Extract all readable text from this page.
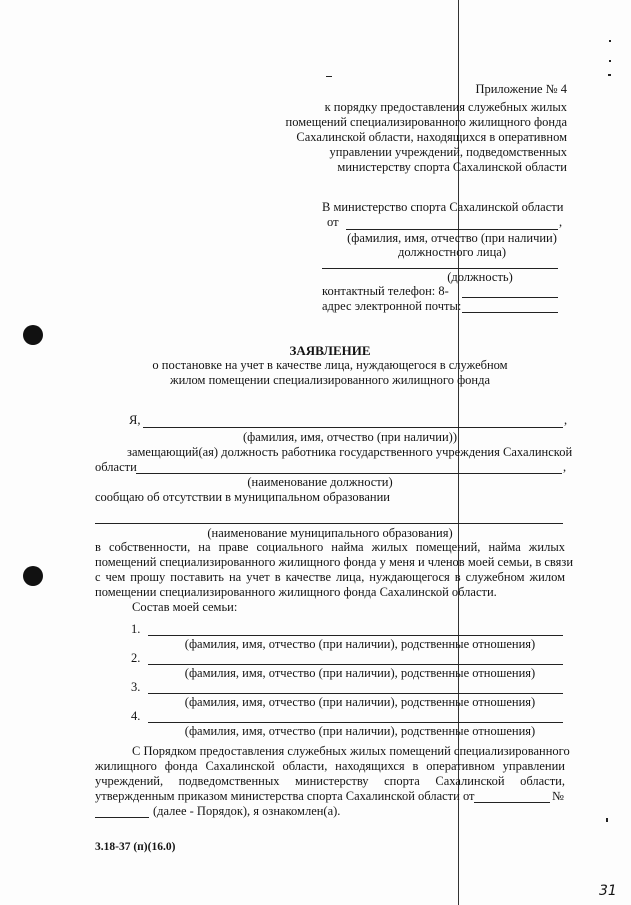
Приложение № 4
к порядку предоставления служебных жилых
помещений специализированного жилищного фонда
Сахалинской области, находящихся в оперативном
управлении учреждений, подведомственных
министерству спорта Сахалинской области
В министерство спорта Сахалинской области
от	,
(фамилия, имя, отчество (при наличии)
должностного лица)
(должность)
контактный телефон: 8-
адрес электронной почты:
ЗАЯВЛЕНИЕ
о постановке на учет в качестве лица, нуждающегося в служебном
жилом помещении специализированного жилищного фонда
Я,	,
(фамилия, имя, отчество (при наличии))
замещающий(ая) должность работника государственного учреждения Сахалинской
области	,
(наименование должности)
сообщаю об отсутствии в муниципальном образовании
(наименование муниципального образования)
в собственности, на праве социального найма жилых помещений, найма жилых
помещений специализированного жилищного фонда у меня и членов моей семьи, в связи
с чем прошу поставить на учет в качестве лица, нуждающегося в служебном жилом
помещении специализированного жилищного фонда Сахалинской области.
Состав моей семьи:
1.
(фамилия, имя, отчество (при наличии), родственные отношения)
2.
(фамилия, имя, отчество (при наличии), родственные отношения)
3.
(фамилия, имя, отчество (при наличии), родственные отношения)
4.
(фамилия, имя, отчество (при наличии), родственные отношения)
С Порядком предоставления служебных жилых помещений специализированного
жилищного фонда Сахалинской области, находящихся в оперативном управлении
учреждений, подведомственных министерству спорта Сахалинской области,
утвержденным приказом министерства спорта Сахалинской области от	№
(далее - Порядок), я ознакомлен(а).
3.18-37 (п)(16.0)
31
